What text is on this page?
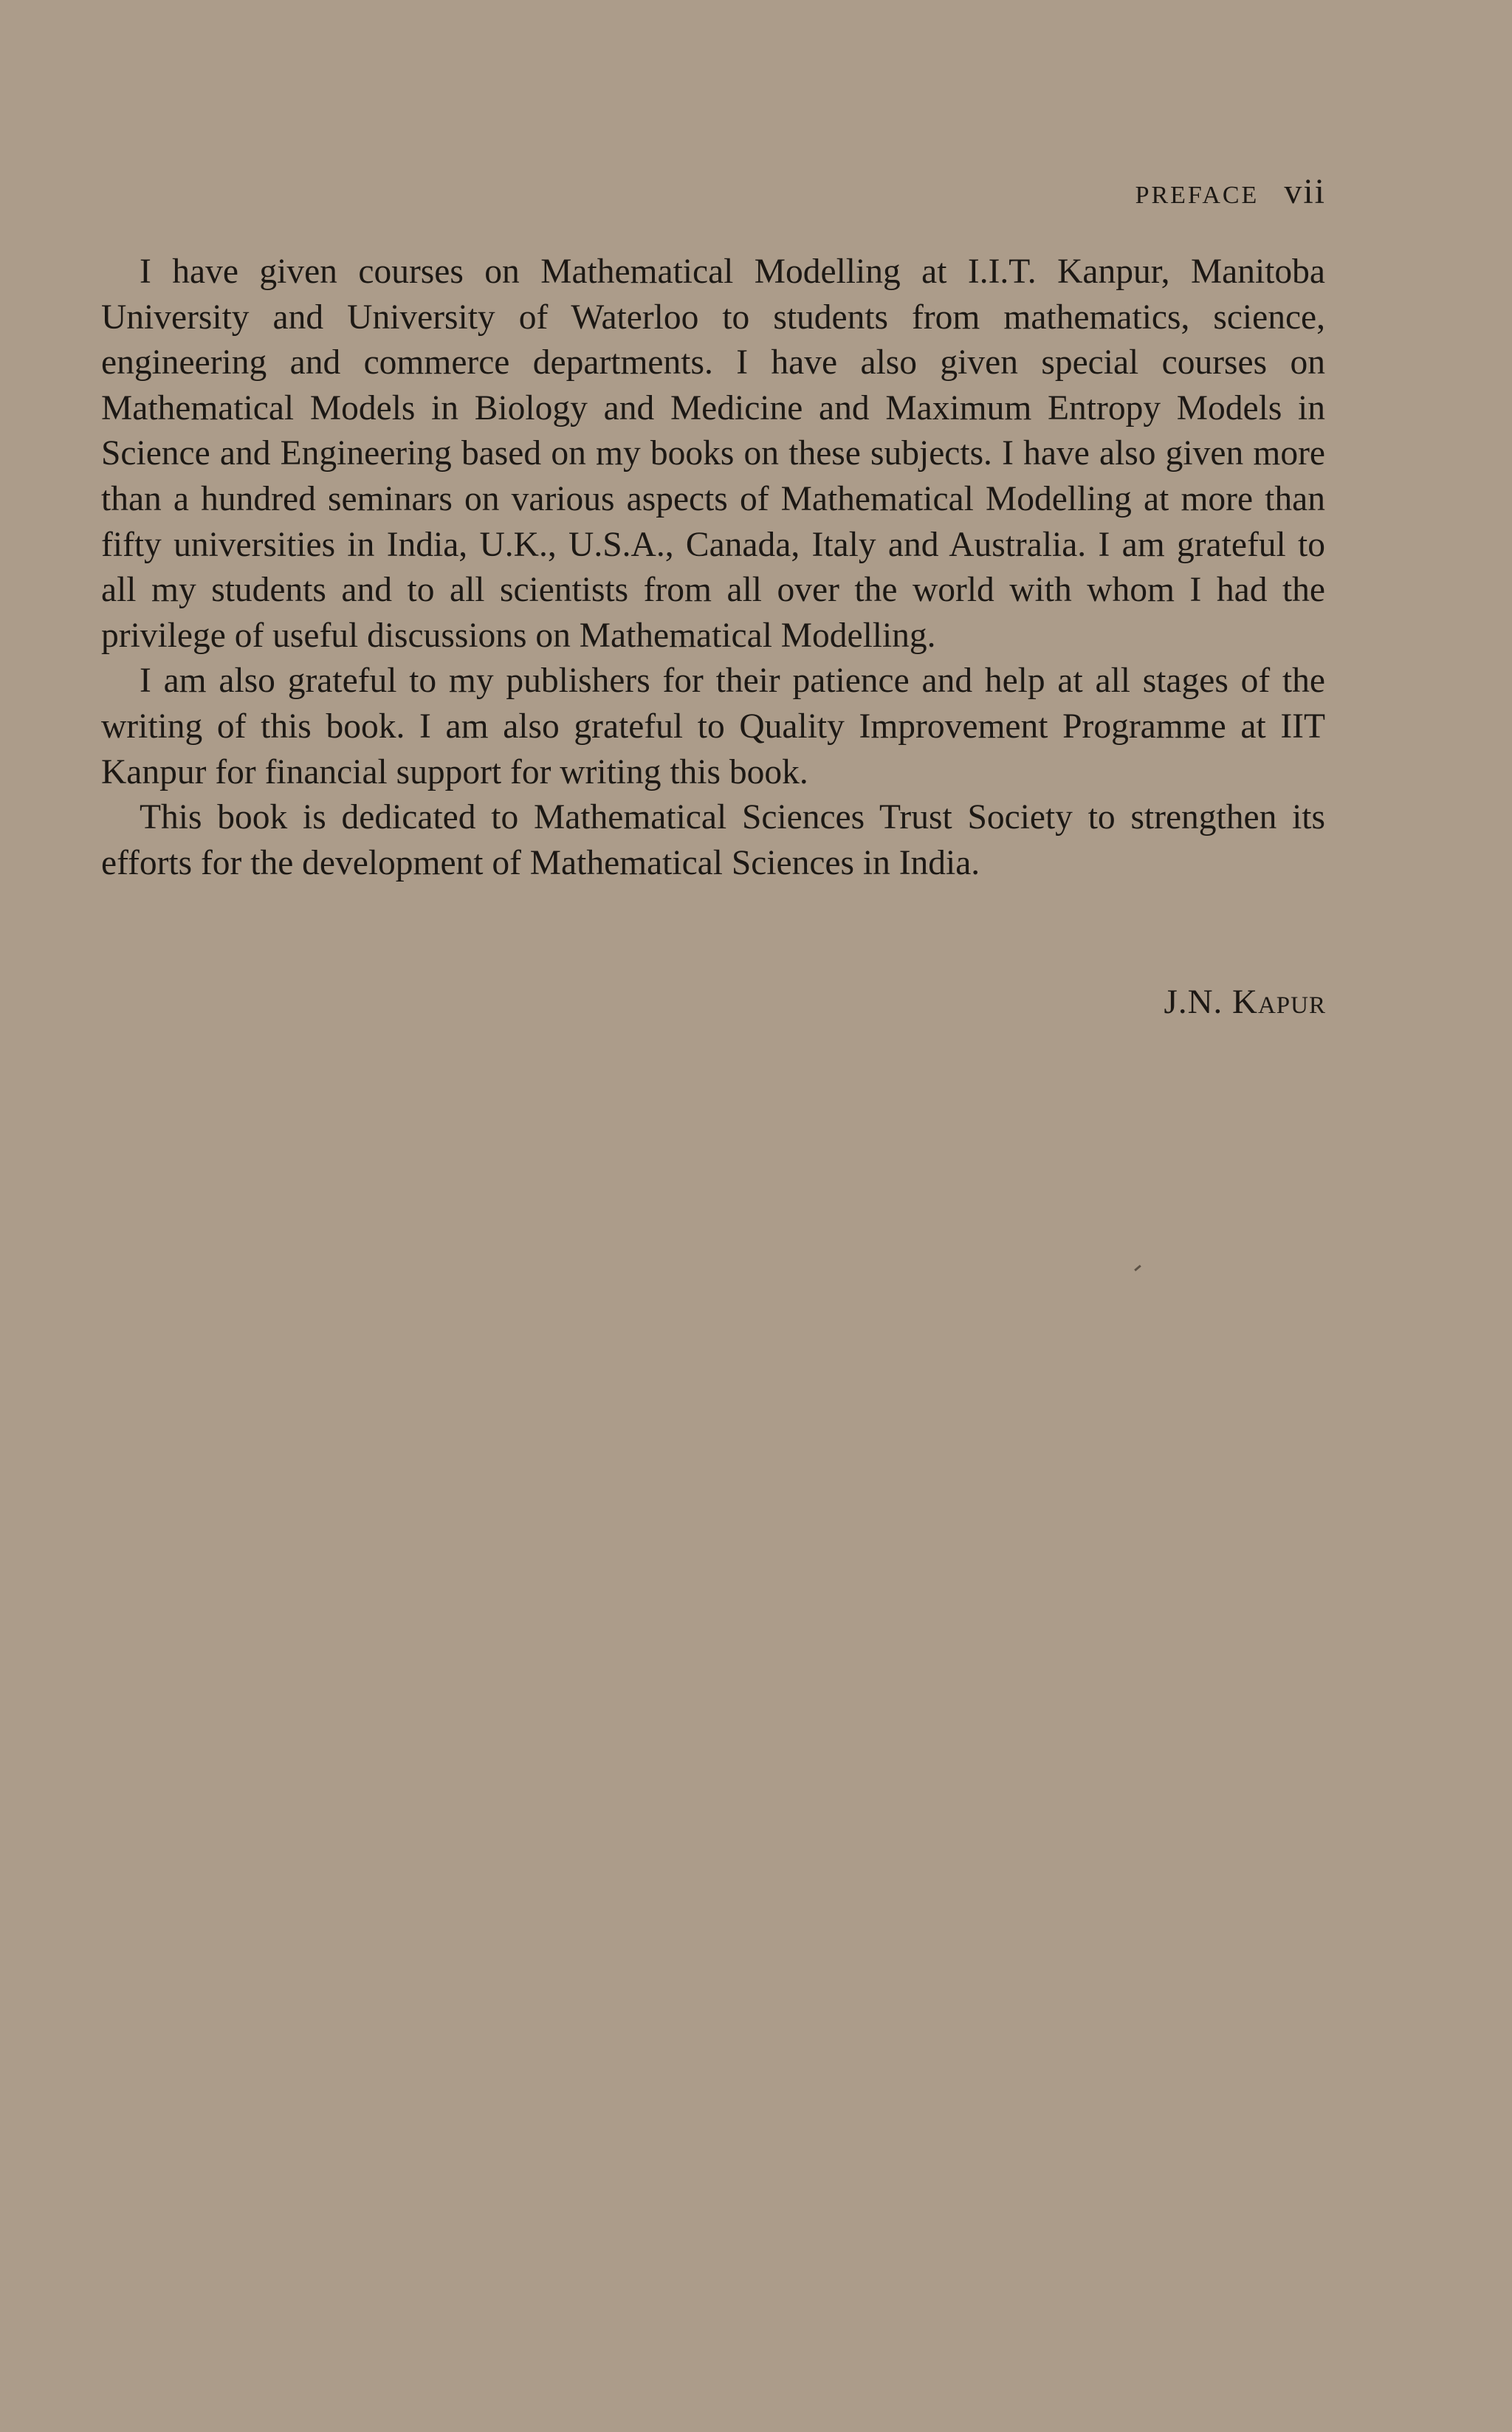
preface vii

I have given courses on Mathematical Modelling at I.I.T. Kanpur, Manitoba University and University of Waterloo to students from mathematics, science, engineering and commerce departments. I have also given special courses on Mathematical Models in Biology and Medicine and Maximum Entropy Models in Science and Engineering based on my books on these subjects. I have also given more than a hundred seminars on various aspects of Mathematical Modelling at more than fifty universities in India, U.K., U.S.A., Canada, Italy and Australia. I am grateful to all my students and to all scientists from all over the world with whom I had the privilege of useful discussions on Mathematical Modelling.

I am also grateful to my publishers for their patience and help at all stages of the writing of this book. I am also grateful to Quality Improvement Programme at IIT Kanpur for financial support for writing this book.

This book is dedicated to Mathematical Sciences Trust Society to strengthen its efforts for the development of Mathematical Sciences in India.

J.N. Kapur
